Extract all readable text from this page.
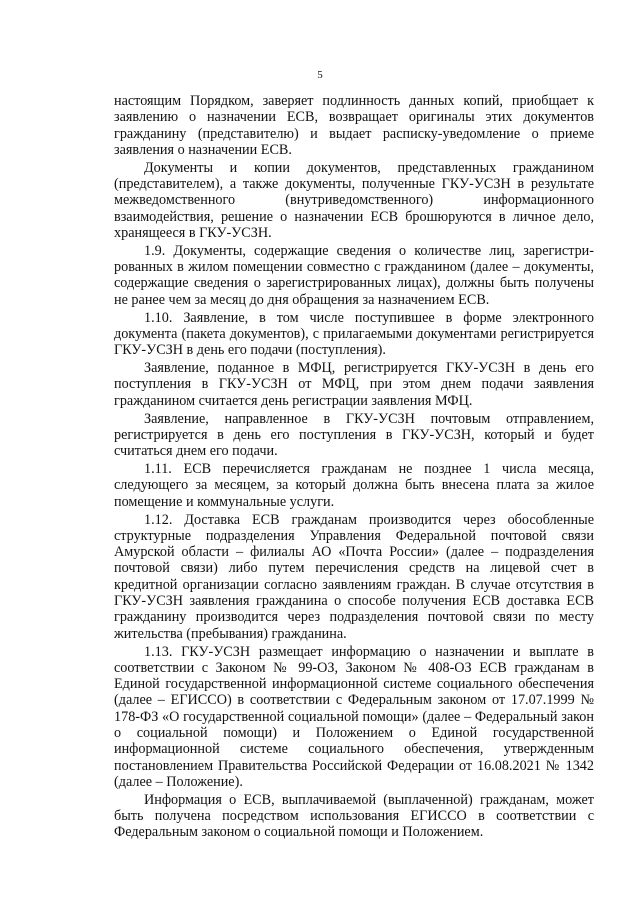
5

настоящим Порядком, заверяет подлинность данных копий, приобщает к заявлению о назначении ЕСВ, возвращает оригиналы этих документов гражданину (представителю) и выдает расписку-уведомление о приеме заявления о назначении ЕСВ.

Документы и копии документов, представленных гражданином (представителем), а также документы, полученные ГКУ-УСЗН в результате межведомственного (внутриведомственного) информационного взаимодействия, решение о назначении ЕСВ брошюруются в личное дело, хранящееся в ГКУ-УСЗН.

1.9. Документы, содержащие сведения о количестве лиц, зарегистри-рованных в жилом помещении совместно с гражданином (далее – документы, содержащие сведения о зарегистрированных лицах), должны быть получены не ранее чем за месяц до дня обращения за назначением ЕСВ.

1.10. Заявление, в том числе поступившее в форме электронного документа (пакета документов), с прилагаемыми документами регистрируется ГКУ-УСЗН в день его подачи (поступления).

Заявление, поданное в МФЦ, регистрируется ГКУ-УСЗН в день его поступления в ГКУ-УСЗН от МФЦ, при этом днем подачи заявления гражданином считается день регистрации заявления МФЦ.

Заявление, направленное в ГКУ-УСЗН почтовым отправлением, регистрируется в день его поступления в ГКУ-УСЗН, который и будет считаться днем его подачи.

1.11. ЕСВ перечисляется гражданам не позднее 1 числа месяца, следующего за месяцем, за который должна быть внесена плата за жилое помещение и коммунальные услуги.

1.12. Доставка ЕСВ гражданам производится через обособленные структурные подразделения Управления Федеральной почтовой связи Амурской области – филиалы АО «Почта России» (далее – подразделения почтовой связи) либо путем перечисления средств на лицевой счет в кредитной организации согласно заявлениям граждан. В случае отсутствия в ГКУ-УСЗН заявления гражданина о способе получения ЕСВ доставка ЕСВ гражданину производится через подразделения почтовой связи по месту жительства (пребывания) гражданина.

1.13. ГКУ-УСЗН размещает информацию о назначении и выплате в соответствии с Законом № 99-ОЗ, Законом № 408-ОЗ ЕСВ гражданам в Единой государственной информационной системе социального обеспечения (далее – ЕГИССО) в соответствии с Федеральным законом от 17.07.1999 № 178-ФЗ «О государственной социальной помощи» (далее – Федеральный закон о социальной помощи) и Положением о Единой государственной информационной системе социального обеспечения, утвержденным постановлением Правительства Российской Федерации от 16.08.2021 № 1342 (далее – Положение).

Информация о ЕСВ, выплачиваемой (выплаченной) гражданам, может быть получена посредством использования ЕГИССО в соответствии с Федеральным законом о социальной помощи и Положением.
